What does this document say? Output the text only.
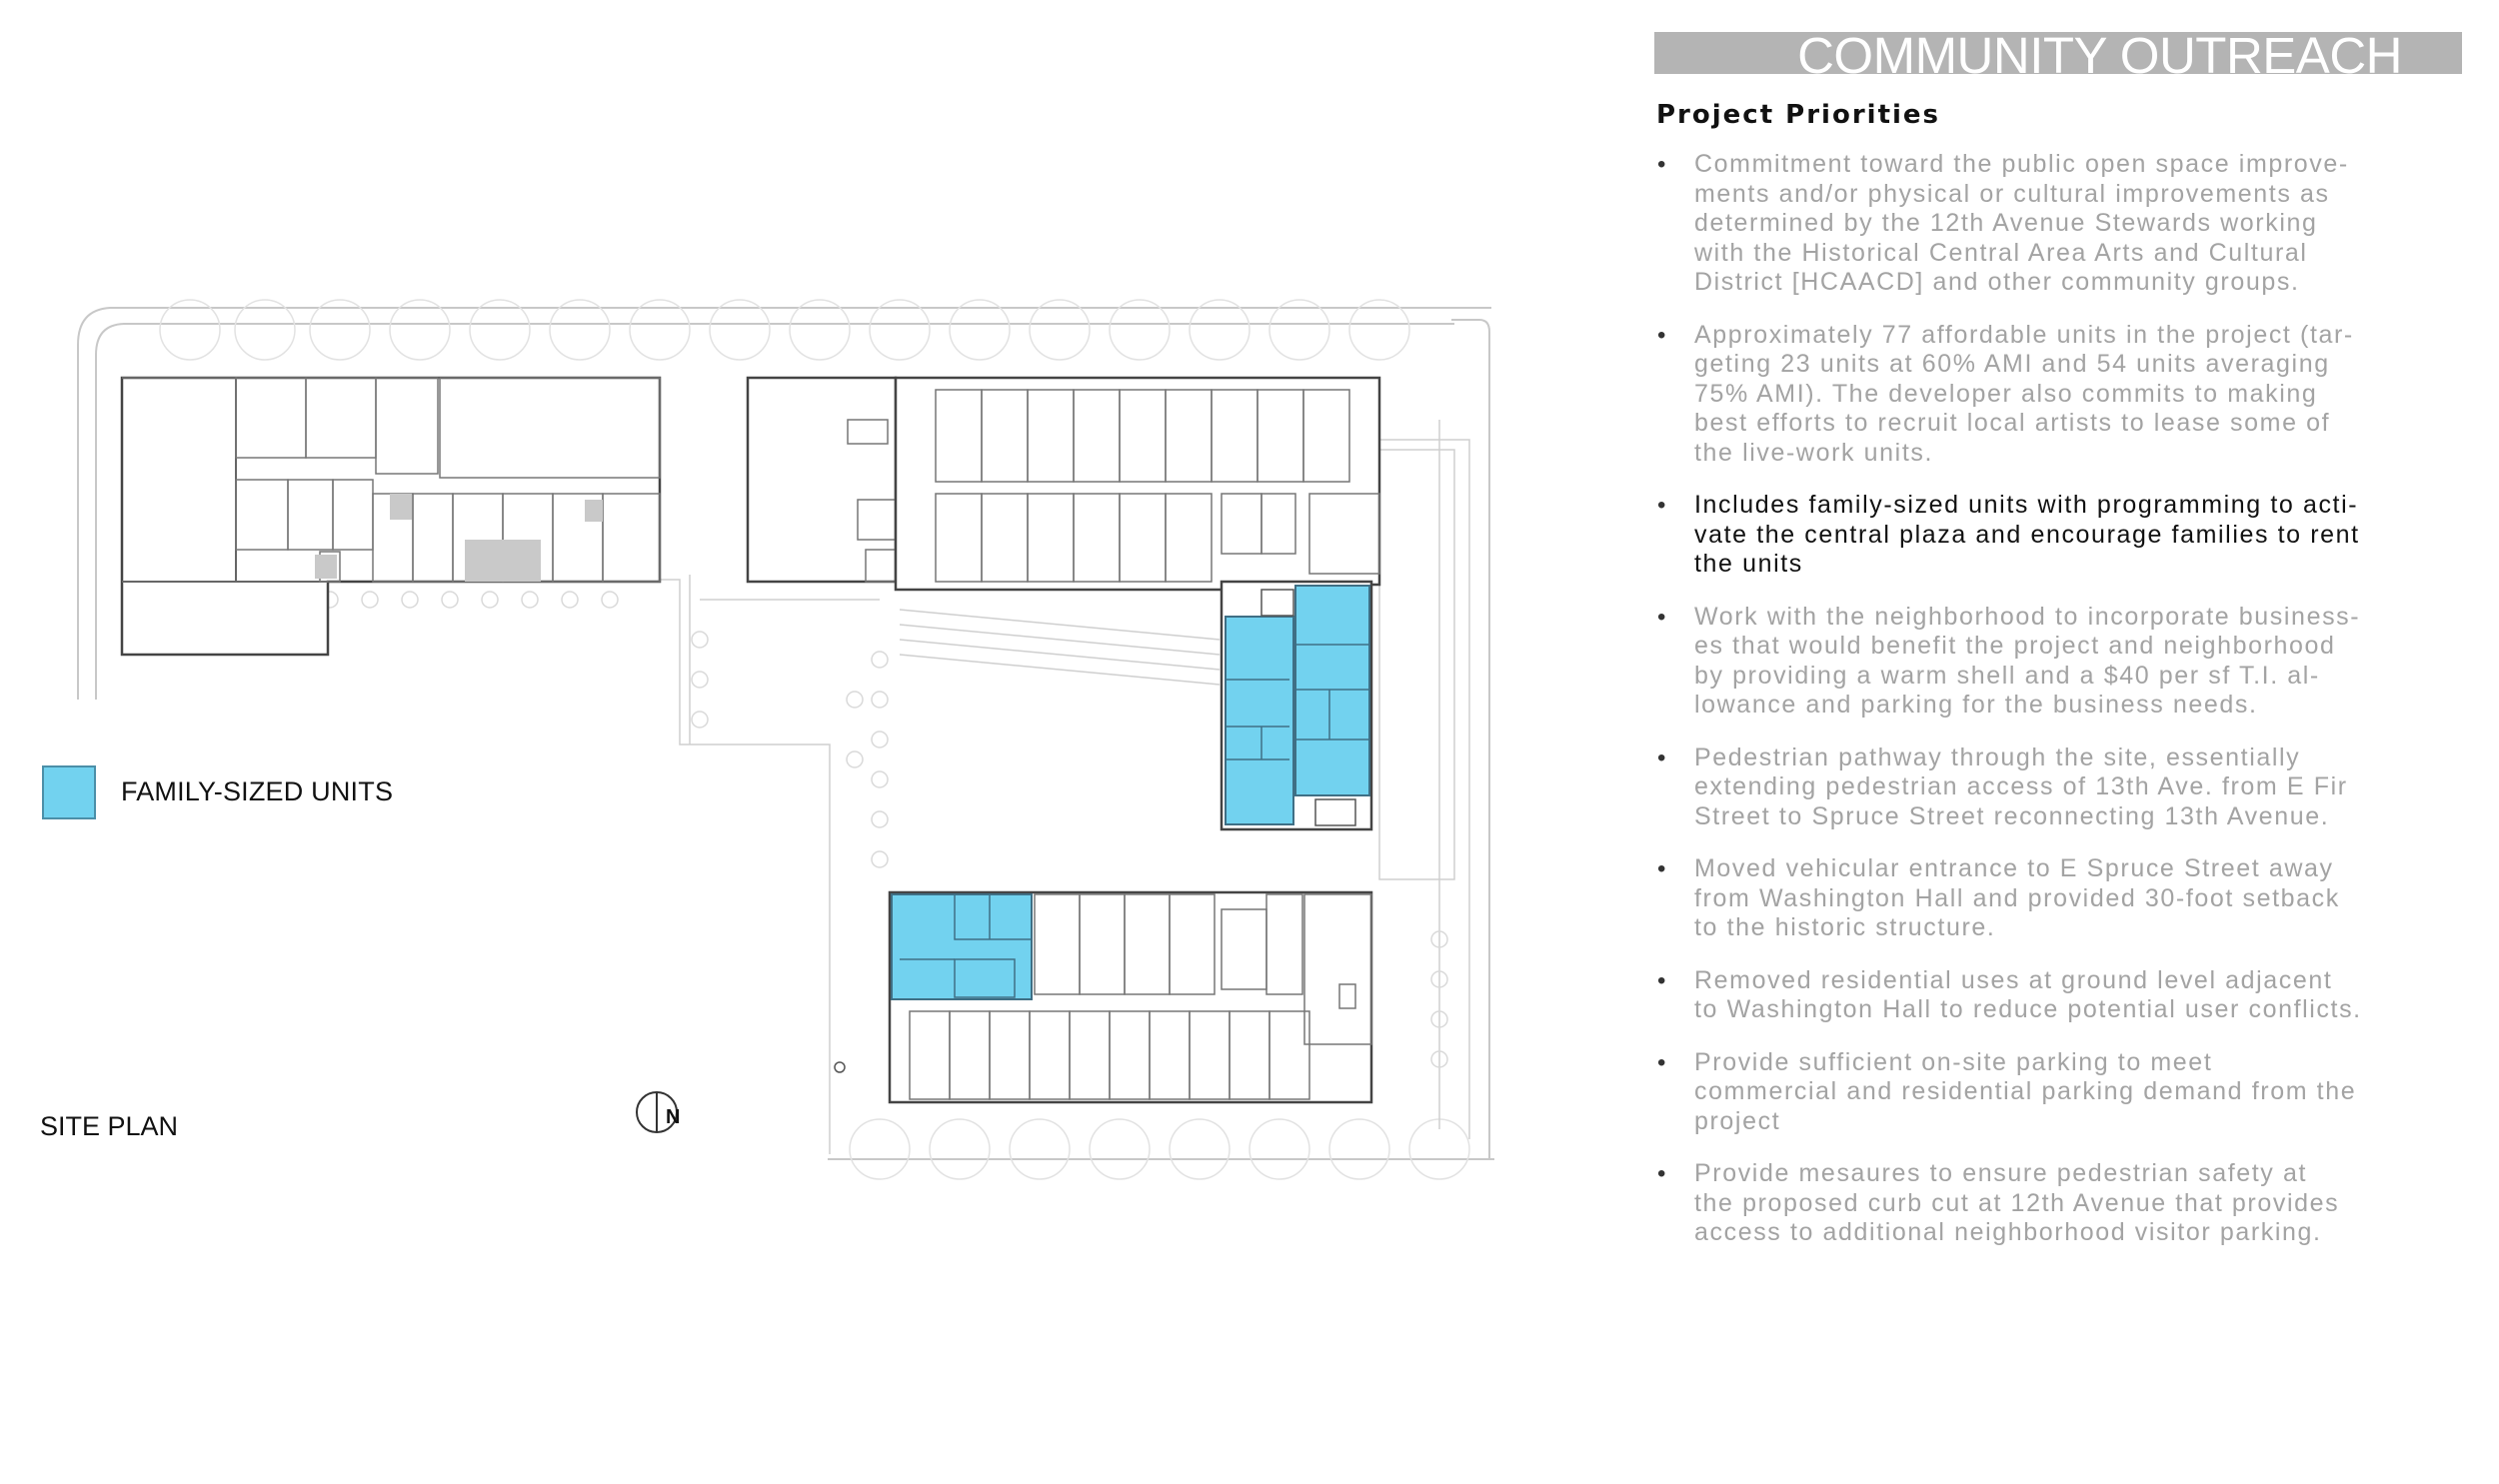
N
FAMILY-SIZED UNITS
SITE PLAN
COMMUNITY OUTREACH
Project Priorities
• Commitment toward the public open space improve-
ments and/or physical or cultural improvements as
determined by the 12th Avenue Stewards working
with the Historical Central Area Arts and Cultural
District [HCAACD] and other community groups.
• Approximately 77 affordable units in the project (tar-
geting 23 units at 60% AMI and 54 units averaging
75% AMI). The developer also commits to making
best efforts to recruit local artists to lease some of
the live-work units.
• Includes family-sized units with programming to acti-
vate the central plaza and encourage families to rent
the units
• Work with the neighborhood to incorporate business-
es that would benefit the project and neighborhood
by providing a warm shell and a $40 per sf T.I. al-
lowance and parking for the business needs.
• Pedestrian pathway through the site, essentially
extending pedestrian access of 13th Ave. from E Fir
Street to Spruce Street reconnecting 13th Avenue.
• Moved vehicular entrance to E Spruce Street away
from Washington Hall and provided 30-foot setback
to the historic structure.
• Removed residential uses at ground level adjacent
to Washington Hall to reduce potential user conflicts.
• Provide sufficient on-site parking to meet
commercial and residential parking demand from the
project
• Provide mesaures to ensure pedestrian safety at
the proposed curb cut at 12th Avenue that provides
access to additional neighborhood visitor parking.
